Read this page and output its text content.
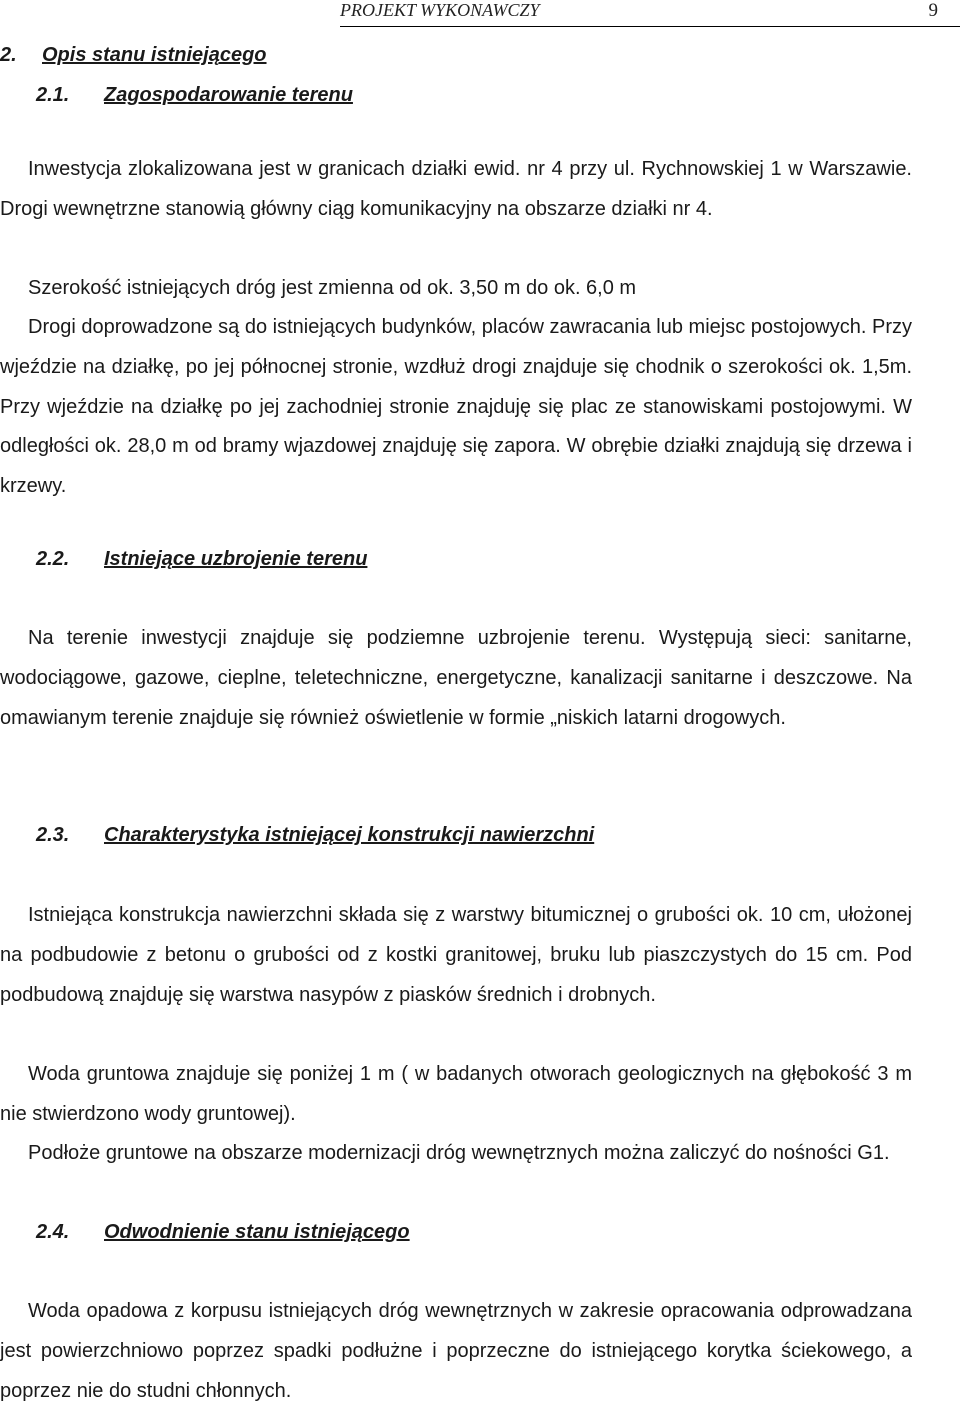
PROJEKT WYKONAWCZY	9
2. Opis stanu istniejącego
2.1. Zagospodarowanie terenu

Inwestycja zlokalizowana jest w granicach działki ewid. nr 4 przy ul. Rychnowskiej 1 w Warszawie. Drogi wewnętrzne stanowią główny ciąg komunikacyjny na obszarze działki nr 4.

Szerokość istniejących dróg jest zmienna od ok. 3,50 m do ok. 6,0 m

Drogi doprowadzone są do istniejących budynków, placów zawracania lub miejsc postojowych. Przy wjeździe na działkę, po jej północnej stronie, wzdłuż drogi znajduje się chodnik o szerokości ok. 1,5m. Przy wjeździe na działkę po jej zachodniej stronie znajduję się plac ze stanowiskami postojowymi. W odległości ok. 28,0 m od bramy wjazdowej znajduję się zapora. W obrębie działki znajdują się drzewa i krzewy.

2.2. Istniejące uzbrojenie terenu

Na terenie inwestycji znajduje się podziemne uzbrojenie terenu. Występują sieci: sanitarne, wodociągowe, gazowe, cieplne, teletechniczne, energetyczne, kanalizacji sanitarne i deszczowe. Na omawianym terenie znajduje się również oświetlenie w formie „niskich latarni drogowych.

2.3. Charakterystyka istniejącej konstrukcji nawierzchni

Istniejąca konstrukcja nawierzchni składa się z warstwy bitumicznej o grubości ok. 10 cm, ułożonej na podbudowie z betonu o grubości od z kostki granitowej, bruku lub piaszczystych do 15 cm. Pod podbudową znajduję się warstwa nasypów z piasków średnich i drobnych.

Woda gruntowa znajduje się poniżej 1 m ( w badanych otworach geologicznych na głębokość 3 m nie stwierdzono wody gruntowej).

Podłoże gruntowe na obszarze modernizacji dróg wewnętrznych można zaliczyć do nośności G1.

2.4. Odwodnienie stanu istniejącego

Woda opadowa z korpusu istniejących dróg wewnętrznych w zakresie opracowania odprowadzana jest powierzchniowo poprzez spadki podłużne i poprzeczne do istniejącego korytka ściekowego, a poprzez nie do studni chłonnych.
